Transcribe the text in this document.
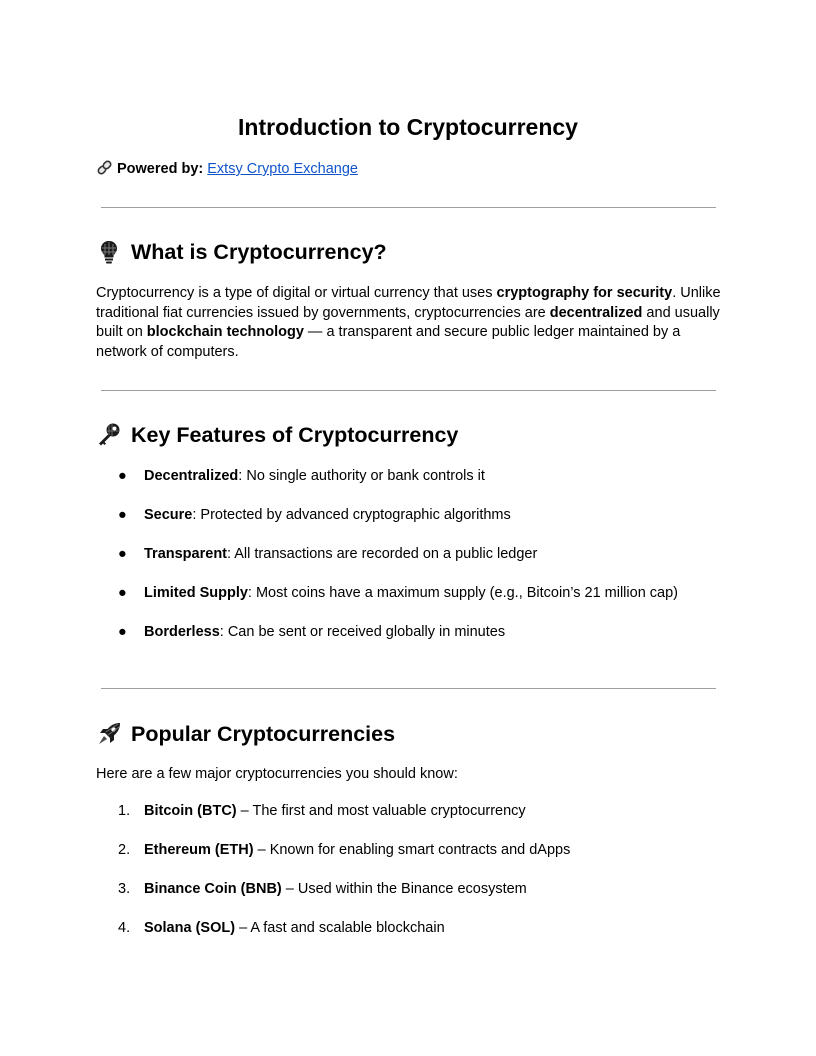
Introduction to Cryptocurrency
Powered by: Extsy Crypto Exchange
What is Cryptocurrency?

Cryptocurrency is a type of digital or virtual currency that uses cryptography for security. Unlike traditional fiat currencies issued by governments, cryptocurrencies are decentralized and usually built on blockchain technology — a transparent and secure public ledger maintained by a network of computers.

Key Features of Cryptocurrency
●	Decentralized: No single authority or bank controls it
●	Secure: Protected by advanced cryptographic algorithms
●	Transparent: All transactions are recorded on a public ledger
●	Limited Supply: Most coins have a maximum supply (e.g., Bitcoin’s 21 million cap)
●	Borderless: Can be sent or received globally in minutes
Popular Cryptocurrencies

Here are a few major cryptocurrencies you should know:

1. Bitcoin (BTC) – The first and most valuable cryptocurrency
2. Ethereum (ETH) – Known for enabling smart contracts and dApps
3. Binance Coin (BNB) – Used within the Binance ecosystem
4. Solana (SOL) – A fast and scalable blockchain
